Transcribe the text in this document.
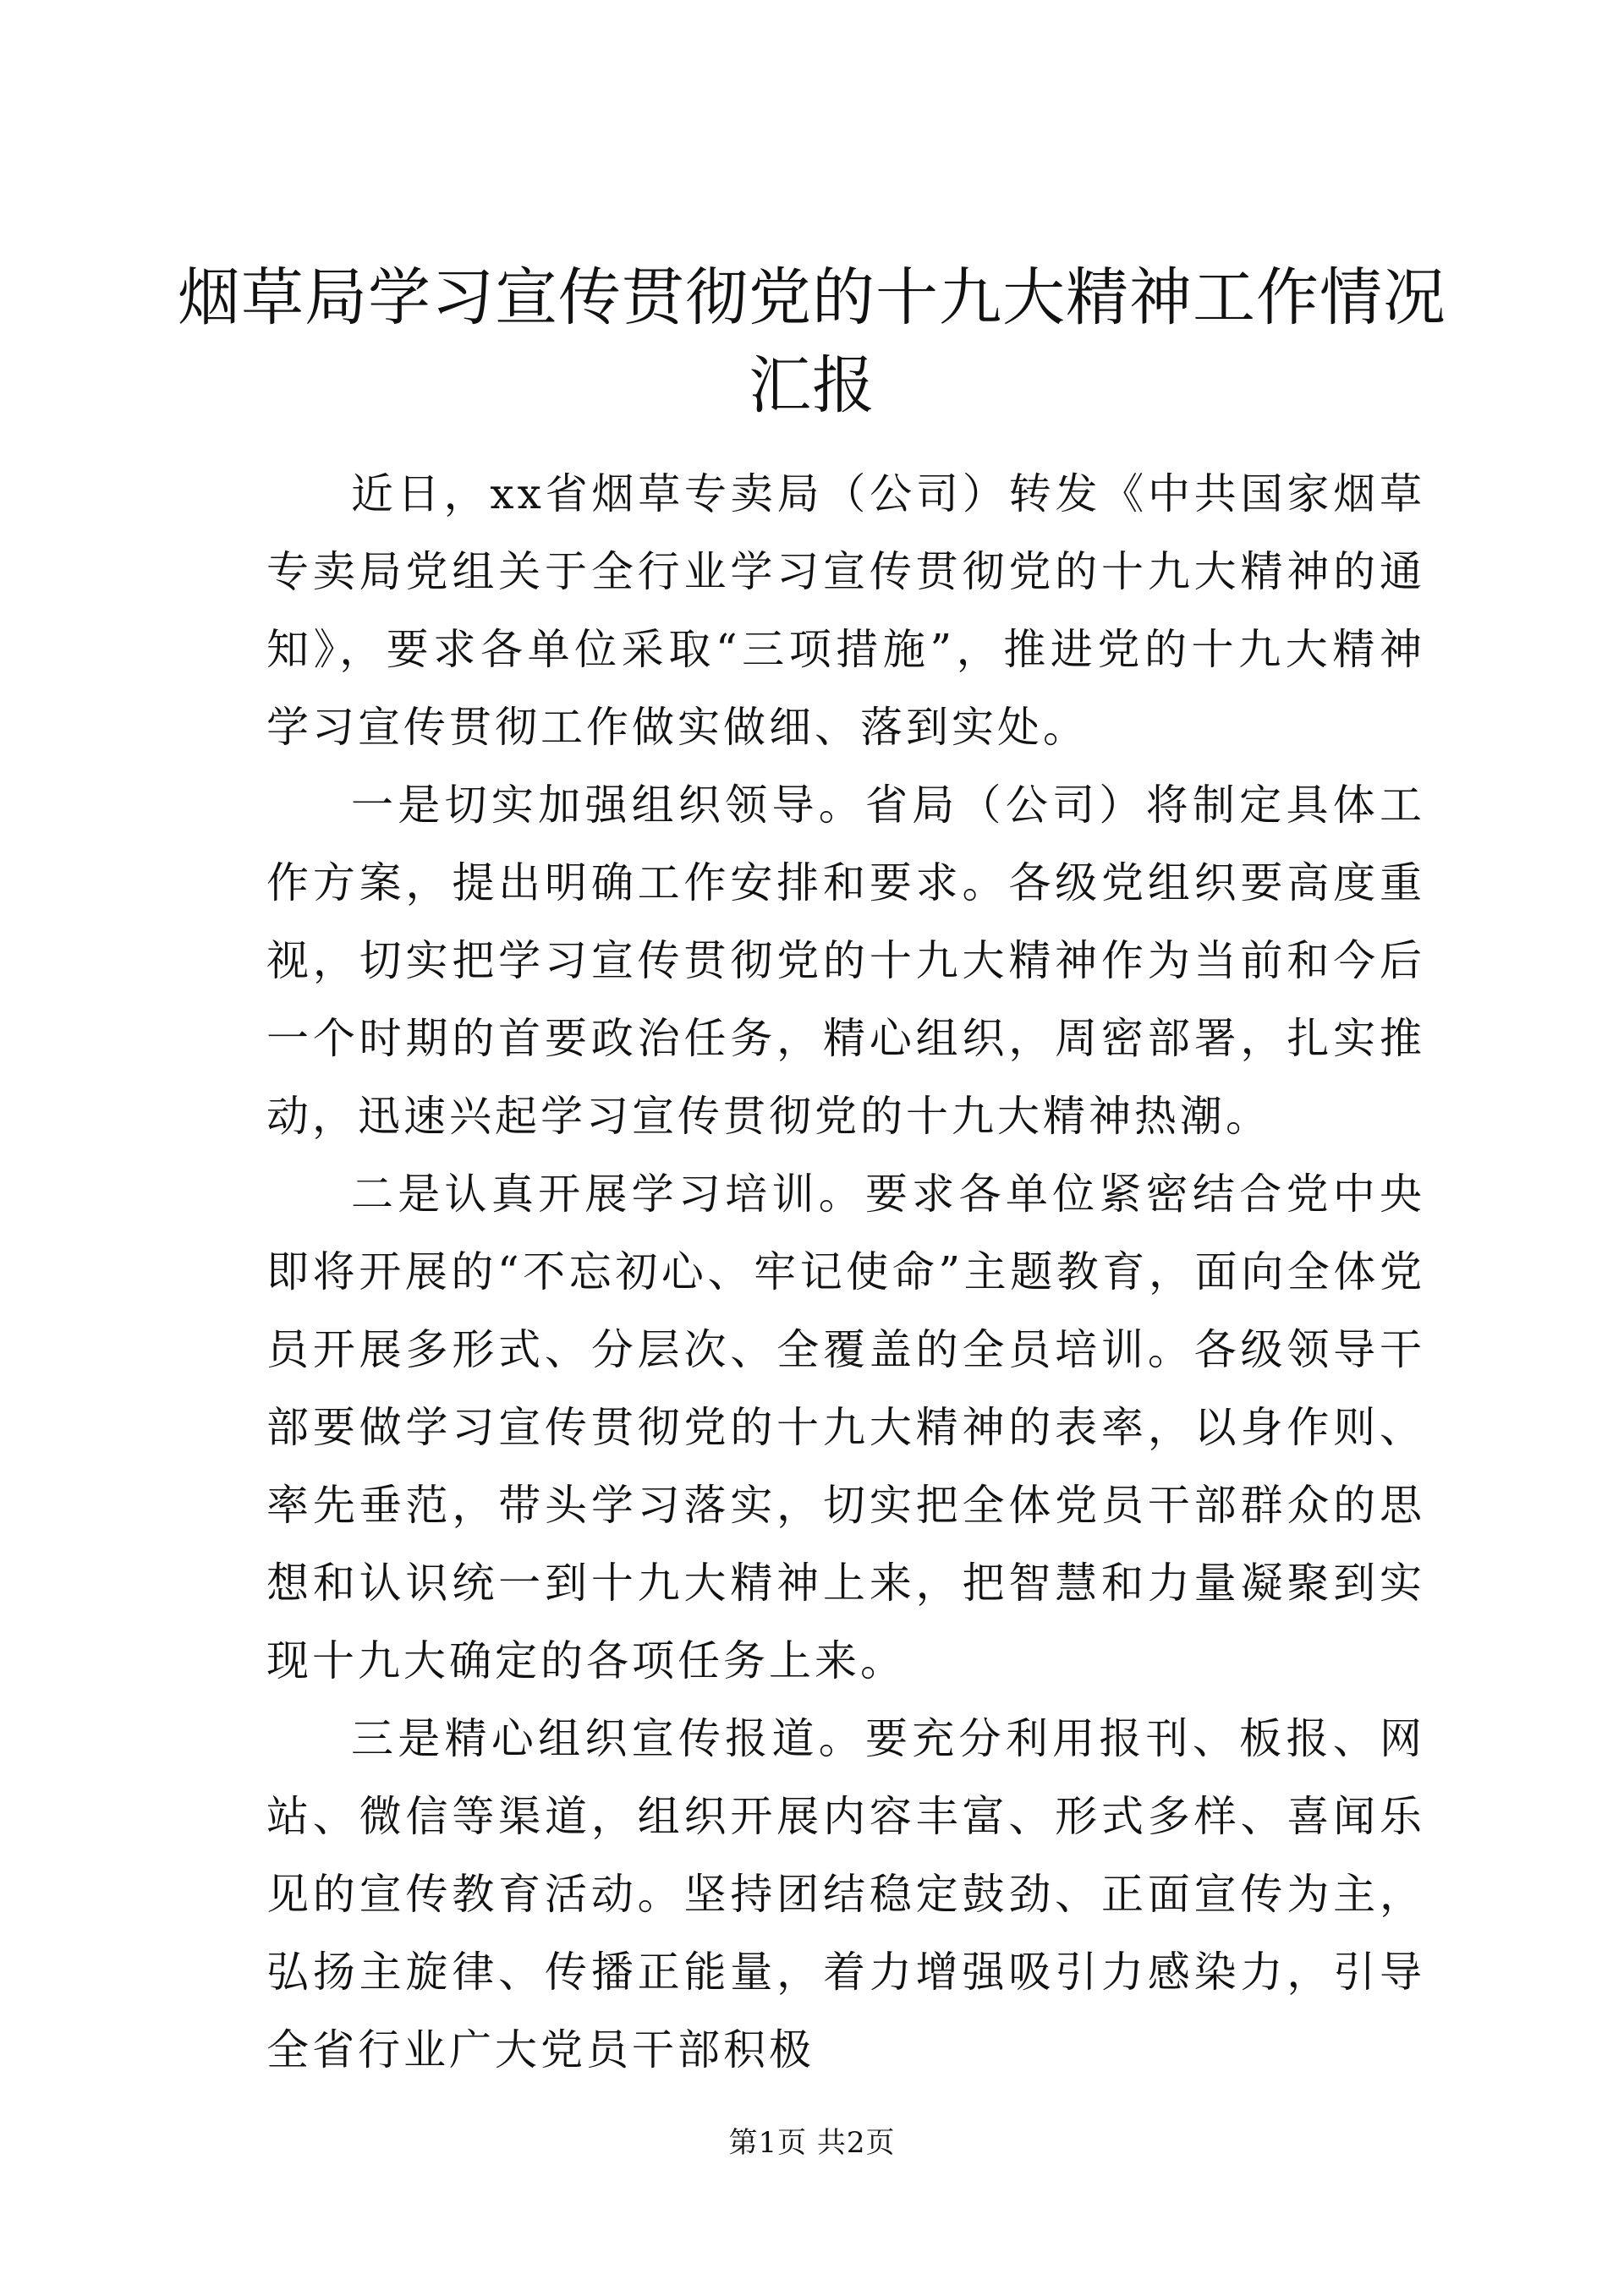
烟草局学习宣传贯彻党的十九大精神工作情况汇报

近日，xx省烟草专卖局（公司）转发《中共国家烟草专卖局党组关于全行业学习宣传贯彻党的十九大精神的通知》，要求各单位采取“三项措施”，推进党的十九大精神学习宣传贯彻工作做实做细、落到实处。

一是切实加强组织领导。省局（公司）将制定具体工作方案，提出明确工作安排和要求。各级党组织要高度重视，切实把学习宣传贯彻党的十九大精神作为当前和今后一个时期的首要政治任务，精心组织，周密部署，扎实推动，迅速兴起学习宣传贯彻党的十九大精神热潮。

二是认真开展学习培训。要求各单位紧密结合党中央即将开展的“不忘初心、牢记使命”主题教育，面向全体党员开展多形式、分层次、全覆盖的全员培训。各级领导干部要做学习宣传贯彻党的十九大精神的表率，以身作则、率先垂范，带头学习落实，切实把全体党员干部群众的思想和认识统一到十九大精神上来，把智慧和力量凝聚到实现十九大确定的各项任务上来。

三是精心组织宣传报道。要充分利用报刊、板报、网站、微信等渠道，组织开展内容丰富、形式多样、喜闻乐见的宣传教育活动。坚持团结稳定鼓劲、正面宣传为主，弘扬主旋律、传播正能量，着力增强吸引力感染力，引导全省行业广大党员干部积极

第1页 共2页
